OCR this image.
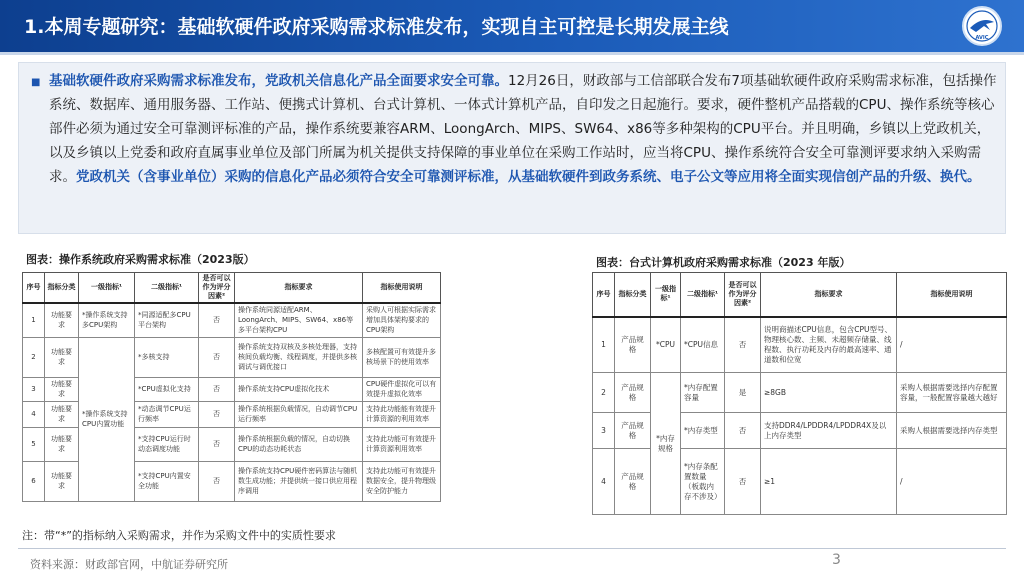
1.本周专题研究：基础软硬件政府采购需求标准发布，实现自主可控是长期发展主线	AVIC
■ 基础软硬件政府采购需求标准发布，党政机关信息化产品全面要求安全可靠。12月26日，财政部与工信部联合发布7项基础软硬件政府采购需求标准，包括操作系统、数据库、通用服务器、工作站、便携式计算机、台式计算机、一体式计算机产品，自印发之日起施行。要求，硬件整机产品搭载的CPU、操作系统等核心部件必须为通过安全可靠测评标准的产品，操作系统要兼容ARM、LoongArch、MIPS、SW64、x86等多种架构的CPU平台。并且明确，乡镇以上党政机关，以及乡镇以上党委和政府直属事业单位及部门所属为机关提供支持保障的事业单位在采购工作站时，应当将CPU、操作系统符合安全可靠测评要求纳入采购需求。党政机关（含事业单位）采购的信息化产品必须符合安全可靠测评标准，从基础软硬件到政务系统、电子公文等应用将全面实现信创产品的升级、换代。
图表：操作系统政府采购需求标准（2023版）
序号	指标分类	一级指标¹	二级指标¹	是否可以作为评分因素²	指标要求	指标使用说明
1	功能要求	*操作系统支持多CPU架构	*同源适配多CPU平台架构	否	操作系统同源适配ARM、LoongArch、MIPS、SW64、x86等多平台架构CPU	采购人可根据实际需求增加具体架构要求的CPU架构
2	功能要求	*操作系统支持CPU内置功能	*多核支持	否	操作系统支持双核及多核处理器，支持核间负载均衡、线程调度，并提供多核调试与调优接口	多核配置可有效提升多核场景下的使用效率
3	功能要求		*CPU虚拟化支持	否	操作系统支持CPU虚拟化技术	CPU硬件虚拟化可以有效提升虚拟化效率
4	功能要求		*动态调节CPU运行频率	否	操作系统根据负载情况，自动调节CPU运行频率	支持此功能能有效提升计算资源的利用效率
5	功能要求		*支持CPU运行时动态调度功能	否	操作系统根据负载的情况，自动切换CPU的动态功耗状态	支持此功能可有效提升计算资源利用效率
6	功能要求		*支持CPU内置安全功能	否	操作系统支持CPU硬件密码算法与随机数生成功能；并提供统一接口供应用程序调用	支持此功能可有效提升数据安全，提升物理级安全防护能力
图表：台式计算机政府采购需求标准（2023 年版）
序号	指标分类	一级指标¹	二级指标¹	是否可以作为评分因素²	指标要求	指标使用说明
1	产品规格	*CPU	*CPU信息	否	说明商描述CPU信息，包含CPU型号、物理核心数、主频、未超频存储量、线程数、执行功耗及内存的最高速率、通道数和位宽	/
2	产品规格	*内存规格	*内存配置容量	是	≥8GB	采购人根据需要选择内存配置容量，一般配置容量越大越好
3	产品规格		*内存类型	否	支持DDR4/LPDDR4/LPDDR4X及以上内存类型	采购人根据需要选择内存类型
4	产品规格		*内存条配置数量（板载内存不涉及）	否	≥1	/
注：带“*”的指标纳入采购需求，并作为采购文件中的实质性要求
资料来源：财政部官网，中航证券研究所	3
